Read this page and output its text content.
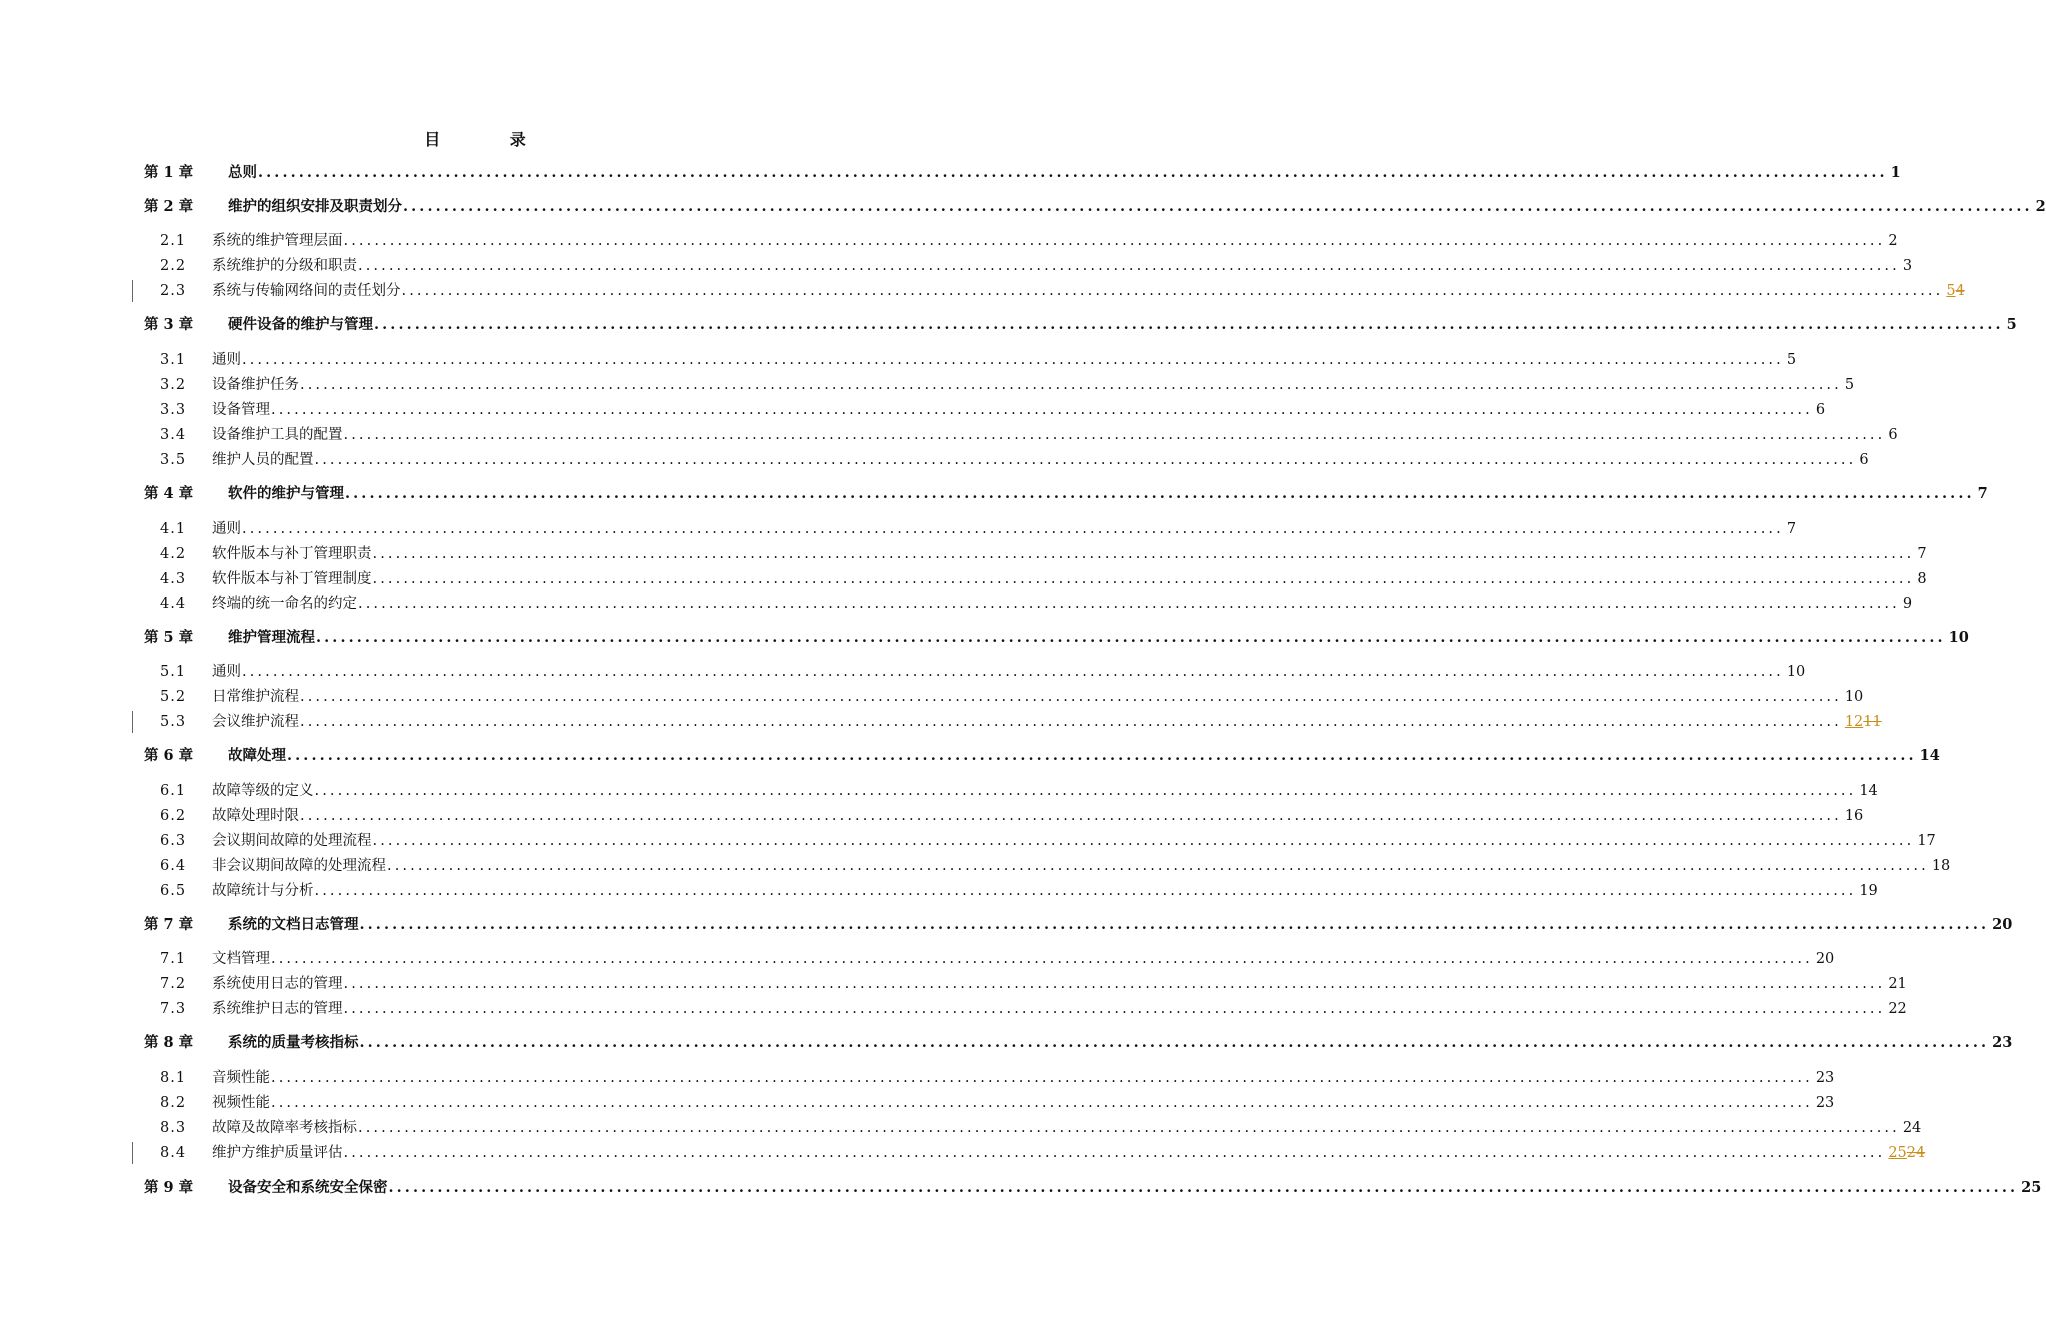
目 录
第 1 章	总则 ........................................................................................................................................................................................................ 1
第 2 章	维护的组织安排及职责划分 ........................................................................................................................................................................................................ 2
2.1	系统的维护管理层面 ........................................................................................................................................................................................................ 2
2.2	系统维护的分级和职责 ........................................................................................................................................................................................................ 3
2.3	系统与传输网络间的责任划分 ........................................................................................................................................................................................................ 54
第 3 章	硬件设备的维护与管理 ........................................................................................................................................................................................................ 5
3.1	通则 ........................................................................................................................................................................................................ 5
3.2	设备维护任务 ........................................................................................................................................................................................................ 5
3.3	设备管理 ........................................................................................................................................................................................................ 6
3.4	设备维护工具的配置 ........................................................................................................................................................................................................ 6
3.5	维护人员的配置 ........................................................................................................................................................................................................ 6
第 4 章	软件的维护与管理 ........................................................................................................................................................................................................ 7
4.1	通则 ........................................................................................................................................................................................................ 7
4.2	软件版本与补丁管理职责 ........................................................................................................................................................................................................ 7
4.3	软件版本与补丁管理制度 ........................................................................................................................................................................................................ 8
4.4	终端的统一命名的约定 ........................................................................................................................................................................................................ 9
第 5 章	维护管理流程 ........................................................................................................................................................................................................ 10
5.1	通则 ........................................................................................................................................................................................................ 10
5.2	日常维护流程 ........................................................................................................................................................................................................ 10
5.3	会议维护流程 ........................................................................................................................................................................................................ 1211
第 6 章	故障处理 ........................................................................................................................................................................................................ 14
6.1	故障等级的定义 ........................................................................................................................................................................................................ 14
6.2	故障处理时限 ........................................................................................................................................................................................................ 16
6.3	会议期间故障的处理流程 ........................................................................................................................................................................................................ 17
6.4	非会议期间故障的处理流程 ........................................................................................................................................................................................................ 18
6.5	故障统计与分析 ........................................................................................................................................................................................................ 19
第 7 章	系统的文档日志管理 ........................................................................................................................................................................................................ 20
7.1	文档管理 ........................................................................................................................................................................................................ 20
7.2	系统使用日志的管理 ........................................................................................................................................................................................................ 21
7.3	系统维护日志的管理 ........................................................................................................................................................................................................ 22
第 8 章	系统的质量考核指标 ........................................................................................................................................................................................................ 23
8.1	音频性能 ........................................................................................................................................................................................................ 23
8.2	视频性能 ........................................................................................................................................................................................................ 23
8.3	故障及故障率考核指标 ........................................................................................................................................................................................................ 24
8.4	维护方维护质量评估 ........................................................................................................................................................................................................ 2524
第 9 章	设备安全和系统安全保密 ........................................................................................................................................................................................................ 25
